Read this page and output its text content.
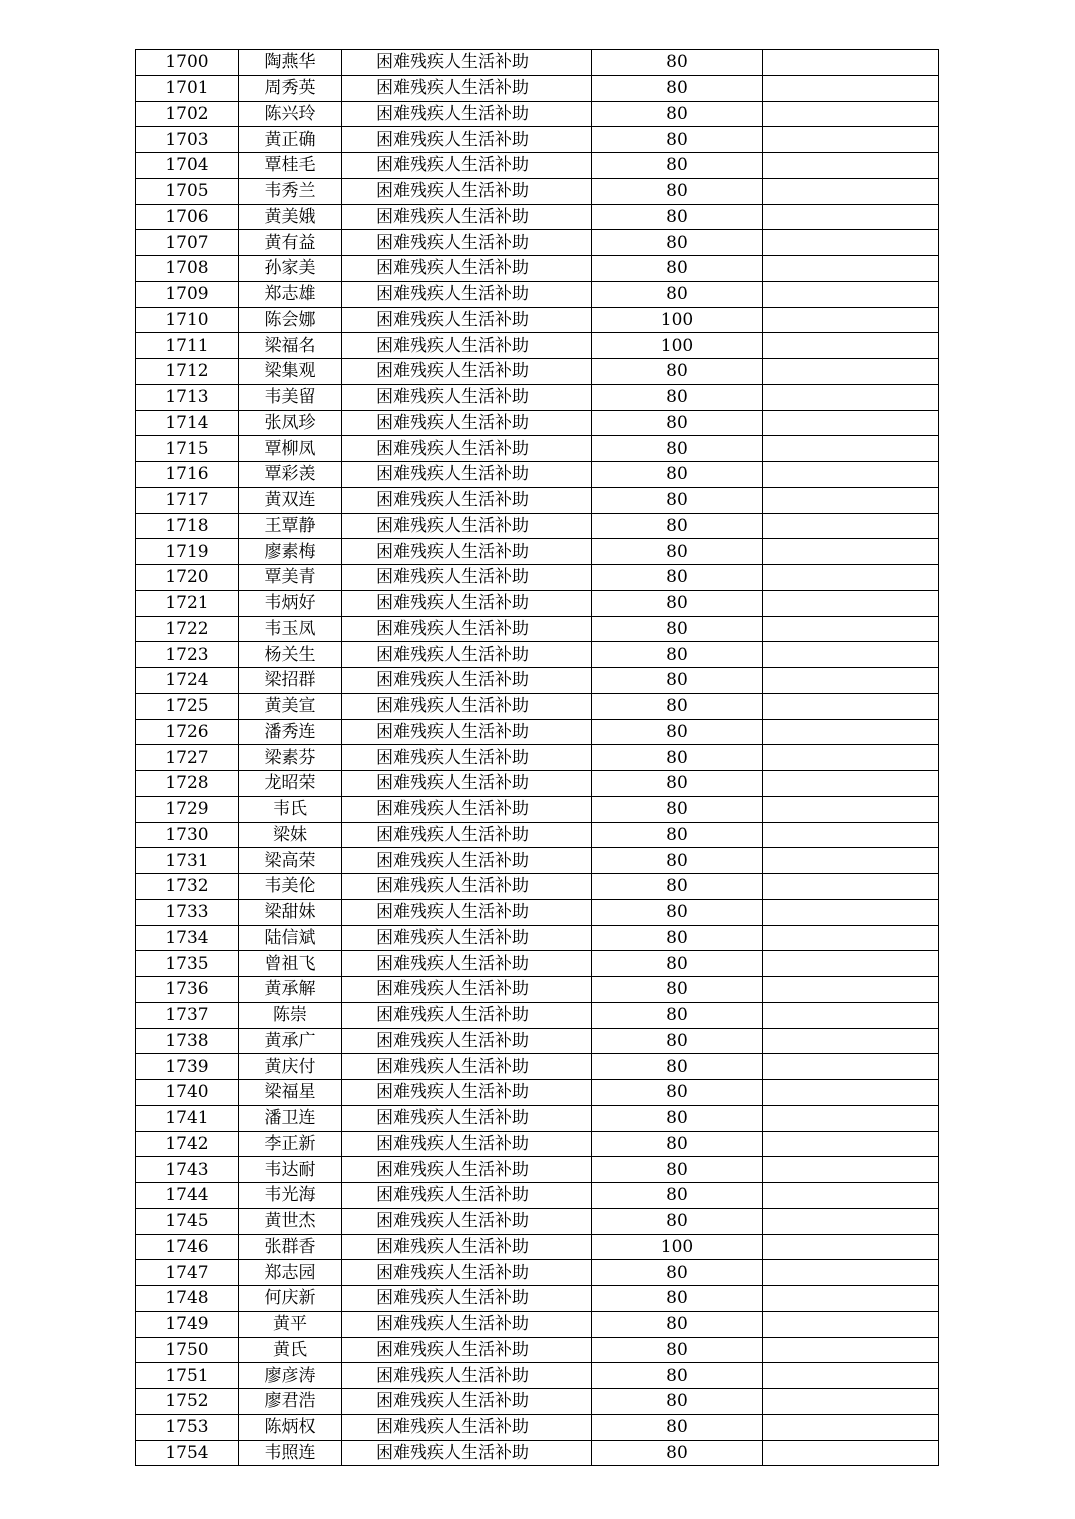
1700	陶燕华	困难残疾人生活补助	80	
1701	周秀英	困难残疾人生活补助	80	
1702	陈兴玲	困难残疾人生活补助	80	
1703	黄正确	困难残疾人生活补助	80	
1704	覃桂毛	困难残疾人生活补助	80	
1705	韦秀兰	困难残疾人生活补助	80	
1706	黄美娥	困难残疾人生活补助	80	
1707	黄有益	困难残疾人生活补助	80	
1708	孙家美	困难残疾人生活补助	80	
1709	郑志雄	困难残疾人生活补助	80	
1710	陈会娜	困难残疾人生活补助	100	
1711	梁福名	困难残疾人生活补助	100	
1712	梁集观	困难残疾人生活补助	80	
1713	韦美留	困难残疾人生活补助	80	
1714	张凤珍	困难残疾人生活补助	80	
1715	覃柳凤	困难残疾人生活补助	80	
1716	覃彩羡	困难残疾人生活补助	80	
1717	黄双连	困难残疾人生活补助	80	
1718	王覃静	困难残疾人生活补助	80	
1719	廖素梅	困难残疾人生活补助	80	
1720	覃美青	困难残疾人生活补助	80	
1721	韦炳好	困难残疾人生活补助	80	
1722	韦玉凤	困难残疾人生活补助	80	
1723	杨关生	困难残疾人生活补助	80	
1724	梁招群	困难残疾人生活补助	80	
1725	黄美宣	困难残疾人生活补助	80	
1726	潘秀连	困难残疾人生活补助	80	
1727	梁素芬	困难残疾人生活补助	80	
1728	龙昭荣	困难残疾人生活补助	80	
1729	韦氏	困难残疾人生活补助	80	
1730	梁妹	困难残疾人生活补助	80	
1731	梁高荣	困难残疾人生活补助	80	
1732	韦美伦	困难残疾人生活补助	80	
1733	梁甜妹	困难残疾人生活补助	80	
1734	陆信斌	困难残疾人生活补助	80	
1735	曾祖飞	困难残疾人生活补助	80	
1736	黄承解	困难残疾人生活补助	80	
1737	陈崇	困难残疾人生活补助	80	
1738	黄承广	困难残疾人生活补助	80	
1739	黄庆付	困难残疾人生活补助	80	
1740	梁福星	困难残疾人生活补助	80	
1741	潘卫连	困难残疾人生活补助	80	
1742	李正新	困难残疾人生活补助	80	
1743	韦达耐	困难残疾人生活补助	80	
1744	韦光海	困难残疾人生活补助	80	
1745	黄世杰	困难残疾人生活补助	80	
1746	张群香	困难残疾人生活补助	100	
1747	郑志园	困难残疾人生活补助	80	
1748	何庆新	困难残疾人生活补助	80	
1749	黄平	困难残疾人生活补助	80	
1750	黄氏	困难残疾人生活补助	80	
1751	廖彦涛	困难残疾人生活补助	80	
1752	廖君浩	困难残疾人生活补助	80	
1753	陈炳权	困难残疾人生活补助	80	
1754	韦照连	困难残疾人生活补助	80	
